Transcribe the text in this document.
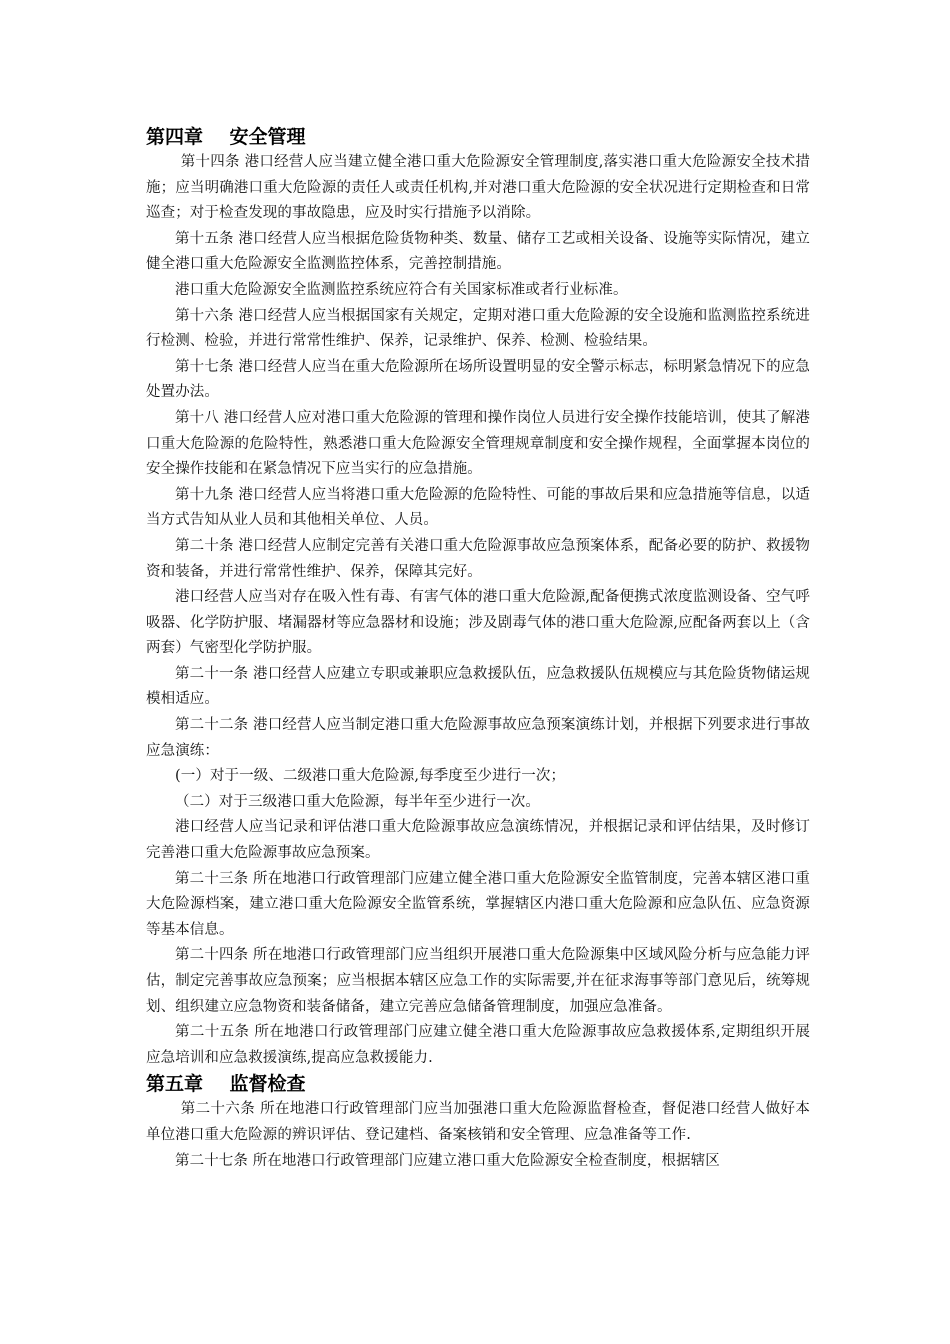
第四章    安全管理

第十四条 港口经营人应当建立健全港口重大危险源安全管理制度,落实港口重大危险源安全技术措施；应当明确港口重大危险源的责任人或责任机构,并对港口重大危险源的安全状况进行定期检查和日常巡查；对于检查发现的事故隐患，应及时实行措施予以消除。

第十五条 港口经营人应当根据危险货物种类、数量、储存工艺或相关设备、设施等实际情况，建立健全港口重大危险源安全监测监控体系，完善控制措施。

港口重大危险源安全监测监控系统应符合有关国家标准或者行业标准。

第十六条 港口经营人应当根据国家有关规定，定期对港口重大危险源的安全设施和监测监控系统进行检测、检验，并进行常常性维护、保养，记录维护、保养、检测、检验结果。

第十七条 港口经营人应当在重大危险源所在场所设置明显的安全警示标志，标明紧急情况下的应急处置办法。

第十八 港口经营人应对港口重大危险源的管理和操作岗位人员进行安全操作技能培训，使其了解港口重大危险源的危险特性，熟悉港口重大危险源安全管理规章制度和安全操作规程，全面掌握本岗位的安全操作技能和在紧急情况下应当实行的应急措施。

第十九条 港口经营人应当将港口重大危险源的危险特性、可能的事故后果和应急措施等信息，以适当方式告知从业人员和其他相关单位、人员。

第二十条 港口经营人应制定完善有关港口重大危险源事故应急预案体系，配备必要的防护、救援物资和装备，并进行常常性维护、保养，保障其完好。

港口经营人应当对存在吸入性有毒、有害气体的港口重大危险源,配备便携式浓度监测设备、空气呼吸器、化学防护服、堵漏器材等应急器材和设施；涉及剧毒气体的港口重大危险源,应配备两套以上（含两套）气密型化学防护服。

第二十一条 港口经营人应建立专职或兼职应急救援队伍，应急救援队伍规模应与其危险货物储运规模相适应。

第二十二条 港口经营人应当制定港口重大危险源事故应急预案演练计划，并根据下列要求进行事故应急演练：

(一）对于一级、二级港口重大危险源,每季度至少进行一次；

（二）对于三级港口重大危险源，每半年至少进行一次。

港口经营人应当记录和评估港口重大危险源事故应急演练情况，并根据记录和评估结果，及时修订完善港口重大危险源事故应急预案。

第二十三条 所在地港口行政管理部门应建立健全港口重大危险源安全监管制度，完善本辖区港口重大危险源档案，建立港口重大危险源安全监管系统，掌握辖区内港口重大危险源和应急队伍、应急资源等基本信息。

第二十四条 所在地港口行政管理部门应当组织开展港口重大危险源集中区域风险分析与应急能力评估，制定完善事故应急预案；应当根据本辖区应急工作的实际需要,并在征求海事等部门意见后，统筹规划、组织建立应急物资和装备储备，建立完善应急储备管理制度，加强应急准备。

第二十五条 所在地港口行政管理部门应建立健全港口重大危险源事故应急救援体系,定期组织开展应急培训和应急救援演练,提高应急救援能力.

第五章    监督检查

第二十六条 所在地港口行政管理部门应当加强港口重大危险源监督检查，督促港口经营人做好本单位港口重大危险源的辨识评估、登记建档、备案核销和安全管理、应急准备等工作.

第二十七条 所在地港口行政管理部门应建立港口重大危险源安全检查制度，根据辖区
